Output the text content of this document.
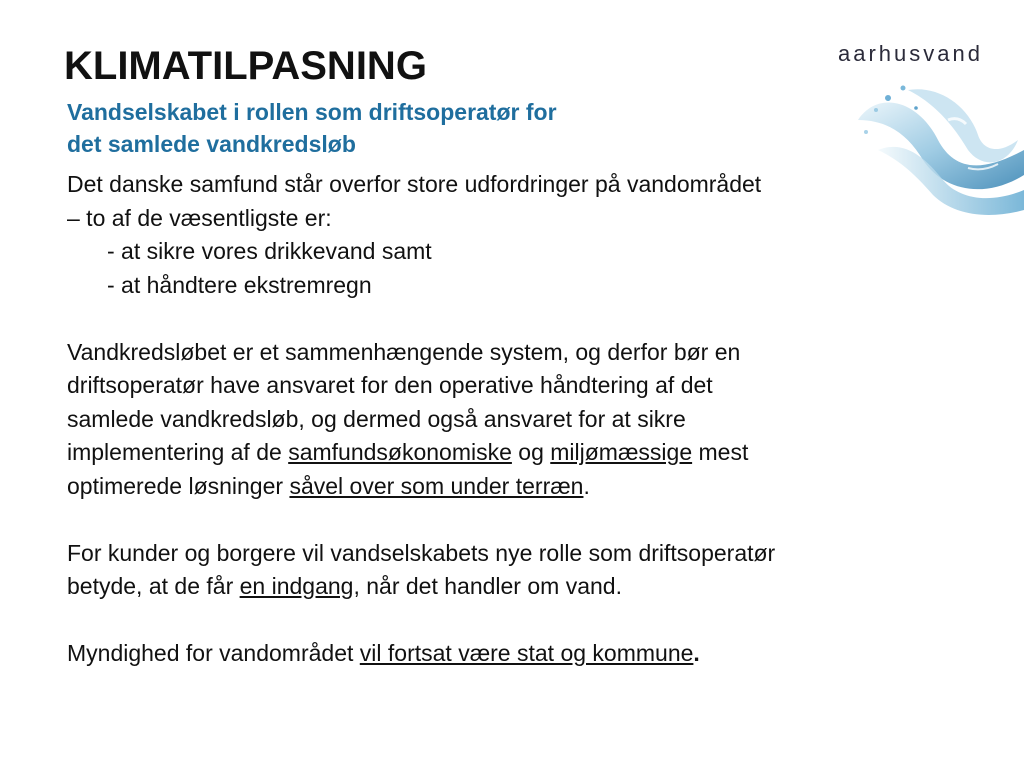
KLIMATILPASNING
Vandselskabet i rollen som driftsoperatør for
det samlede vandkredsløb
aarhusvand
Det danske samfund står overfor store udfordringer på vandområdet
– to af de væsentligste er:
- at sikre vores drikkevand samt
- at håndtere ekstremregn
Vandkredsløbet er et sammenhængende system, og derfor bør en
driftsoperatør have ansvaret for den operative håndtering af det
samlede vandkredsløb, og dermed også ansvaret for at sikre
implementering af de samfundsøkonomiske og miljømæssige mest
optimerede løsninger såvel over som under terræn.
For kunder og borgere vil vandselskabets nye rolle som driftsoperatør
betyde, at de får en indgang, når det handler om vand.
Myndighed for vandområdet vil fortsat være stat og kommune.
